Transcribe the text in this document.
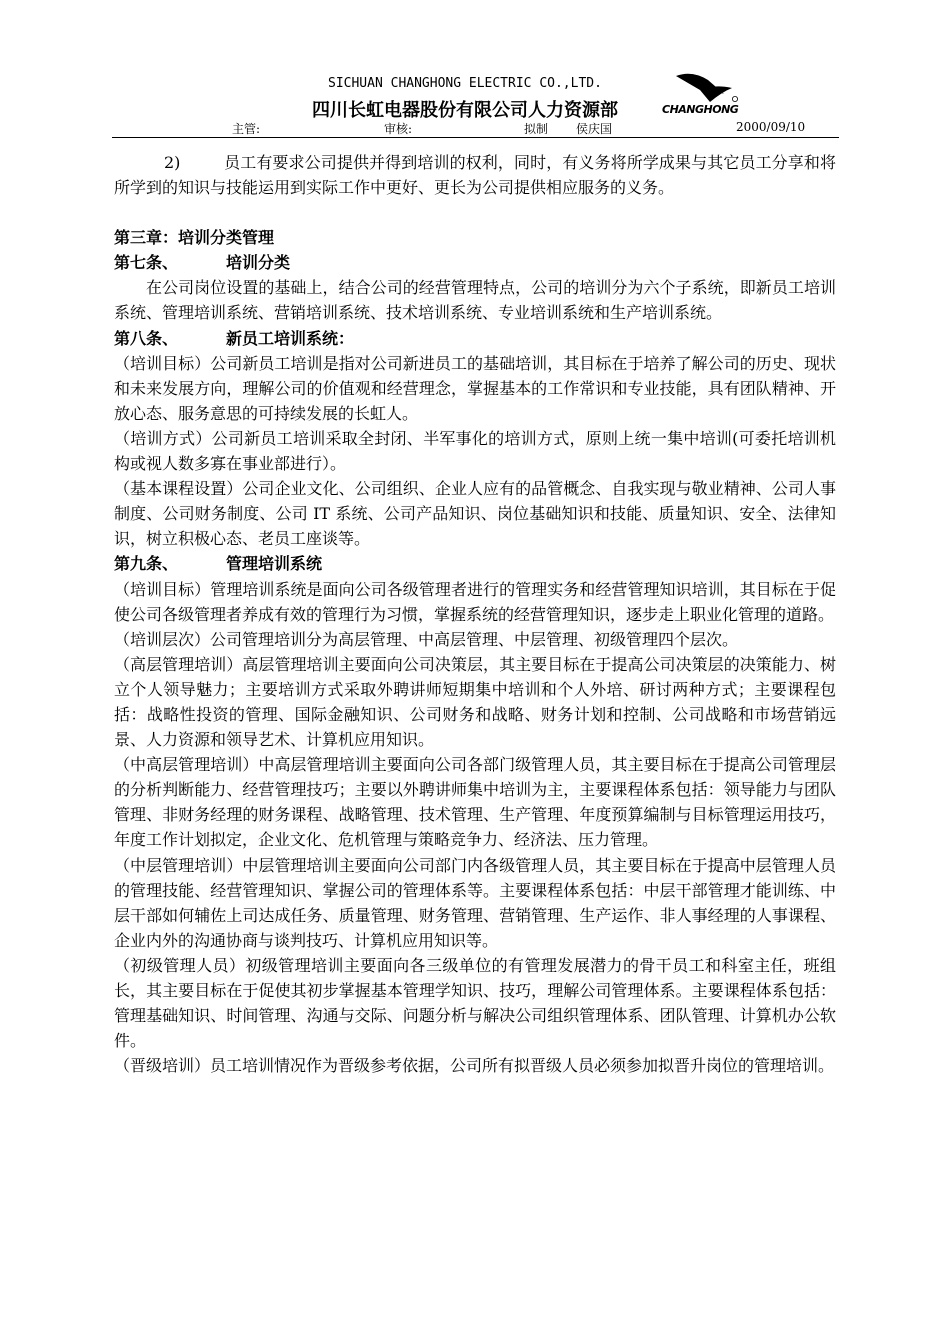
SICHUAN CHANGHONG ELECTRIC CO.,LTD.
四川长虹电器股份有限公司人力资源部	CHANGHONG
主管:	审核:	拟制 侯庆国	2000/09/10

2)	员工有要求公司提供并得到培训的权利，同时，有义务将所学成果与其它员工分享和将所学到的知识与技能运用到实际工作中更好、更长为公司提供相应服务的义务。

第三章：培训分类管理

第七条、	培训分类

在公司岗位设置的基础上，结合公司的经营管理特点，公司的培训分为六个子系统，即新员工培训系统、管理培训系统、营销培训系统、技术培训系统、专业培训系统和生产培训系统。

第八条、	新员工培训系统：

（培训目标）公司新员工培训是指对公司新进员工的基础培训，其目标在于培养了解公司的历史、现状和未来发展方向，理解公司的价值观和经营理念，掌握基本的工作常识和专业技能，具有团队精神、开放心态、服务意思的可持续发展的长虹人。

（培训方式）公司新员工培训采取全封闭、半军事化的培训方式，原则上统一集中培训(可委托培训机构或视人数多寡在事业部进行）。

（基本课程设置）公司企业文化、公司组织、企业人应有的品管概念、自我实现与敬业精神、公司人事制度、公司财务制度、公司 IT 系统、公司产品知识、岗位基础知识和技能、质量知识、安全、法律知识，树立积极心态、老员工座谈等。

第九条、	管理培训系统

（培训目标）管理培训系统是面向公司各级管理者进行的管理实务和经营管理知识培训，其目标在于促使公司各级管理者养成有效的管理行为习惯，掌握系统的经营管理知识，逐步走上职业化管理的道路。

（培训层次）公司管理培训分为高层管理、中高层管理、中层管理、初级管理四个层次。

（高层管理培训）高层管理培训主要面向公司决策层，其主要目标在于提高公司决策层的决策能力、树立个人领导魅力；主要培训方式采取外聘讲师短期集中培训和个人外培、研讨两种方式；主要课程包括：战略性投资的管理、国际金融知识、公司财务和战略、财务计划和控制、公司战略和市场营销远景、人力资源和领导艺术、计算机应用知识。

（中高层管理培训）中高层管理培训主要面向公司各部门级管理人员，其主要目标在于提高公司管理层的分析判断能力、经营管理技巧；主要以外聘讲师集中培训为主，主要课程体系包括：领导能力与团队管理、非财务经理的财务课程、战略管理、技术管理、生产管理、年度预算编制与目标管理运用技巧，年度工作计划拟定，企业文化、危机管理与策略竞争力、经济法、压力管理。

（中层管理培训）中层管理培训主要面向公司部门内各级管理人员，其主要目标在于提高中层管理人员的管理技能、经营管理知识、掌握公司的管理体系等。主要课程体系包括：中层干部管理才能训练、中层干部如何辅佐上司达成任务、质量管理、财务管理、营销管理、生产运作、非人事经理的人事课程、企业内外的沟通协商与谈判技巧、计算机应用知识等。

（初级管理人员）初级管理培训主要面向各三级单位的有管理发展潜力的骨干员工和科室主任，班组长，其主要目标在于促使其初步掌握基本管理学知识、技巧，理解公司管理体系。主要课程体系包括：管理基础知识、时间管理、沟通与交际、问题分析与解决公司组织管理体系、团队管理、计算机办公软件。

（晋级培训）员工培训情况作为晋级参考依据，公司所有拟晋级人员必须参加拟晋升岗位的管理培训。
